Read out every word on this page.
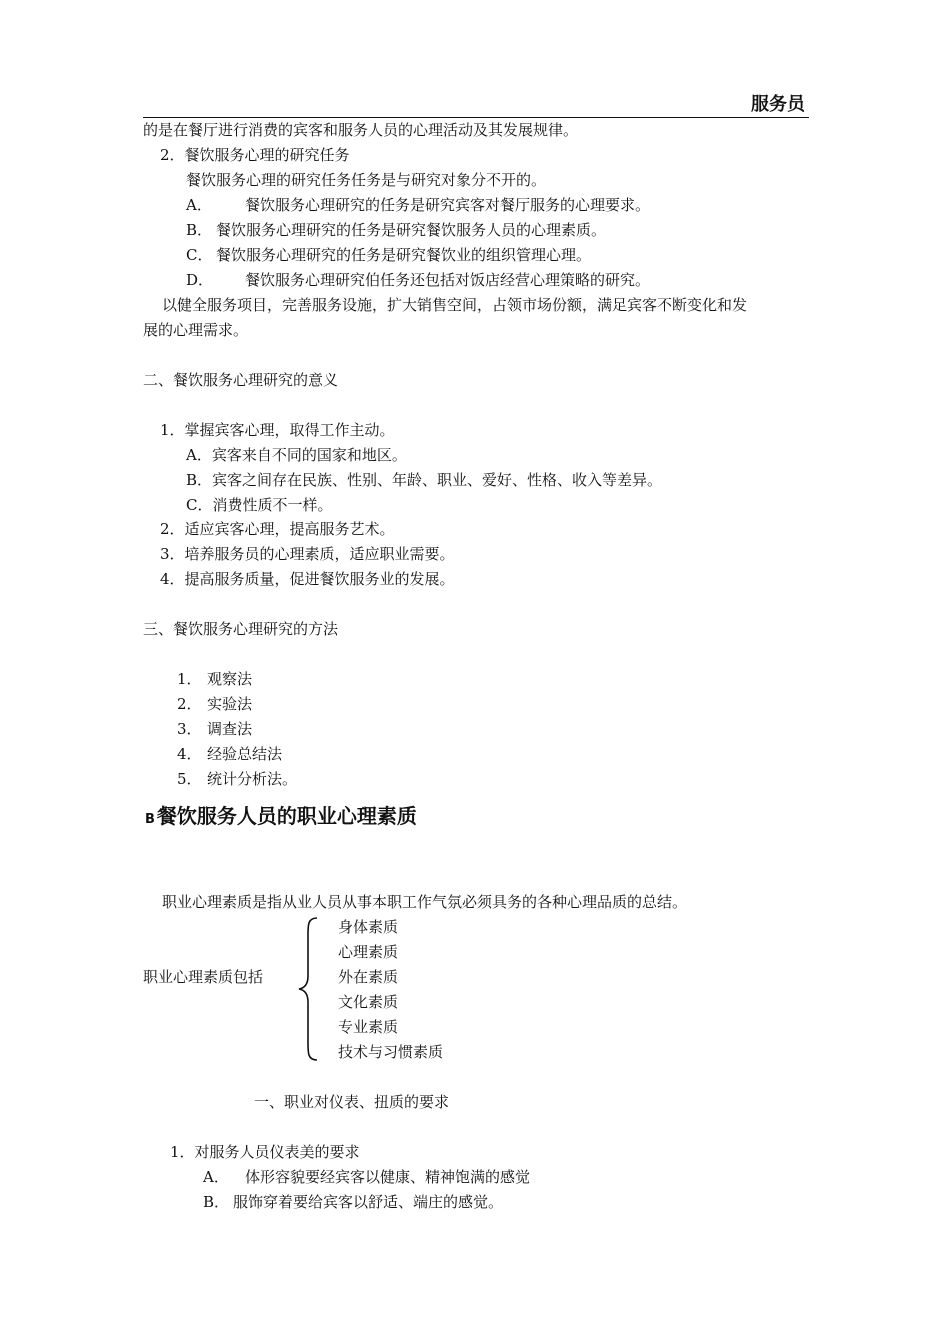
服务员
的是在餐厅进行消费的宾客和服务人员的心理活动及其发展规律。
2．餐饮服务心理的研究任务
餐饮服务心理的研究任务任务是与研究对象分不开的。
A． 餐饮服务心理研究的任务是研究宾客对餐厅服务的心理要求。
B． 餐饮服务心理研究的任务是研究餐饮服务人员的心理素质。
C． 餐饮服务心理研究的任务是研究餐饮业的组织管理心理。
D． 餐饮服务心理研究伯任务还包括对饭店经营心理策略的研究。
以健全服务项目，完善服务设施，扩大销售空间，占领市场份额，满足宾客不断变化和发
展的心理需求。
二、餐饮服务心理研究的意义
1．掌握宾客心理，取得工作主动。
A．宾客来自不同的国家和地区。
B．宾客之间存在民族、性别、年龄、职业、爱好、性格、收入等差异。
C．消费性质不一样。
2．适应宾客心理，提高服务艺术。
3．培养服务员的心理素质，适应职业需要。
4．提高服务质量，促进餐饮服务业的发展。
三、餐饮服务心理研究的方法
1． 观察法
2． 实验法
3． 调查法
4． 经验总结法
5． 统计分析法。
B 餐饮服务人员的职业心理素质
职业心理素质是指从业人员从事本职工作气氛必须具务的各种心理品质的总结。
职业心理素质包括
身体素质
心理素质
外在素质
文化素质
专业素质
技术与习惯素质
一、职业对仪表、扭质的要求
1．对服务人员仪表美的要求
A． 体形容貌要经宾客以健康、精神饱满的感觉
B． 服饰穿着要给宾客以舒适、端庄的感觉。
